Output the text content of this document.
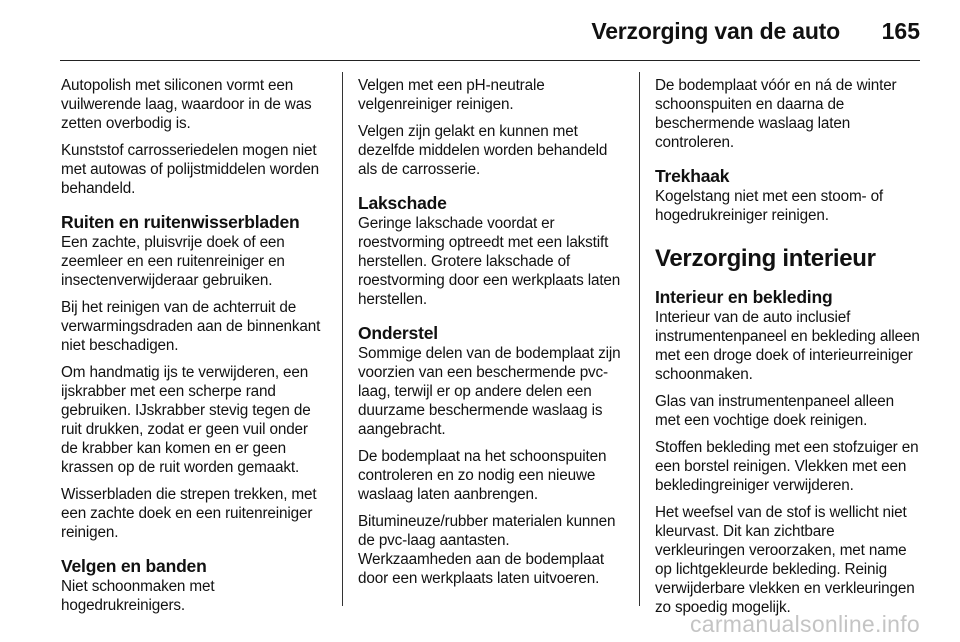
Verzorging van de auto 165

Autopolish met siliconen vormt een vuilwerende laag, waardoor in de was zetten overbodig is.

Kunststof carrosseriedelen mogen niet met autowas of polijstmiddelen worden behandeld.

Ruiten en ruitenwisserbladen

Een zachte, pluisvrije doek of een zeemleer en een ruitenreiniger en insectenverwijderaar gebruiken.

Bij het reinigen van de achterruit de verwarmingsdraden aan de binnenkant niet beschadigen.

Om handmatig ijs te verwijderen, een ijskrabber met een scherpe rand gebruiken. IJskrabber stevig tegen de ruit drukken, zodat er geen vuil onder de krabber kan komen en er geen krassen op de ruit worden gemaakt.

Wisserbladen die strepen trekken, met een zachte doek en een ruitenreiniger reinigen.

Velgen en banden

Niet schoonmaken met hogedrukreinigers.

Velgen met een pH-neutrale velgenreiniger reinigen.

Velgen zijn gelakt en kunnen met dezelfde middelen worden behandeld als de carrosserie.

Lakschade

Geringe lakschade voordat er roestvorming optreedt met een lakstift herstellen. Grotere lakschade of roestvorming door een werkplaats laten herstellen.

Onderstel

Sommige delen van de bodemplaat zijn voorzien van een beschermende pvc-laag, terwijl er op andere delen een duurzame beschermende waslaag is aangebracht.

De bodemplaat na het schoonspuiten controleren en zo nodig een nieuwe waslaag laten aanbrengen.

Bitumineuze/rubber materialen kunnen de pvc-laag aantasten. Werkzaamheden aan de bodemplaat door een werkplaats laten uitvoeren.

De bodemplaat vóór en ná de winter schoonspuiten en daarna de beschermende waslaag laten controleren.

Trekhaak

Kogelstang niet met een stoom- of hogedrukreiniger reinigen.

Verzorging interieur
Interieur en bekleding

Interieur van de auto inclusief instrumentenpaneel en bekleding alleen met een droge doek of interieurreiniger schoonmaken.

Glas van instrumentenpaneel alleen met een vochtige doek reinigen.

Stoffen bekleding met een stofzuiger en een borstel reinigen. Vlekken met een bekledingreiniger verwijderen.

Het weefsel van de stof is wellicht niet kleurvast. Dit kan zichtbare verkleuringen veroorzaken, met name op lichtgekleurde bekleding. Reinig verwijderbare vlekken en verkleuringen zo spoedig mogelijk.

carmanualsonline.info
